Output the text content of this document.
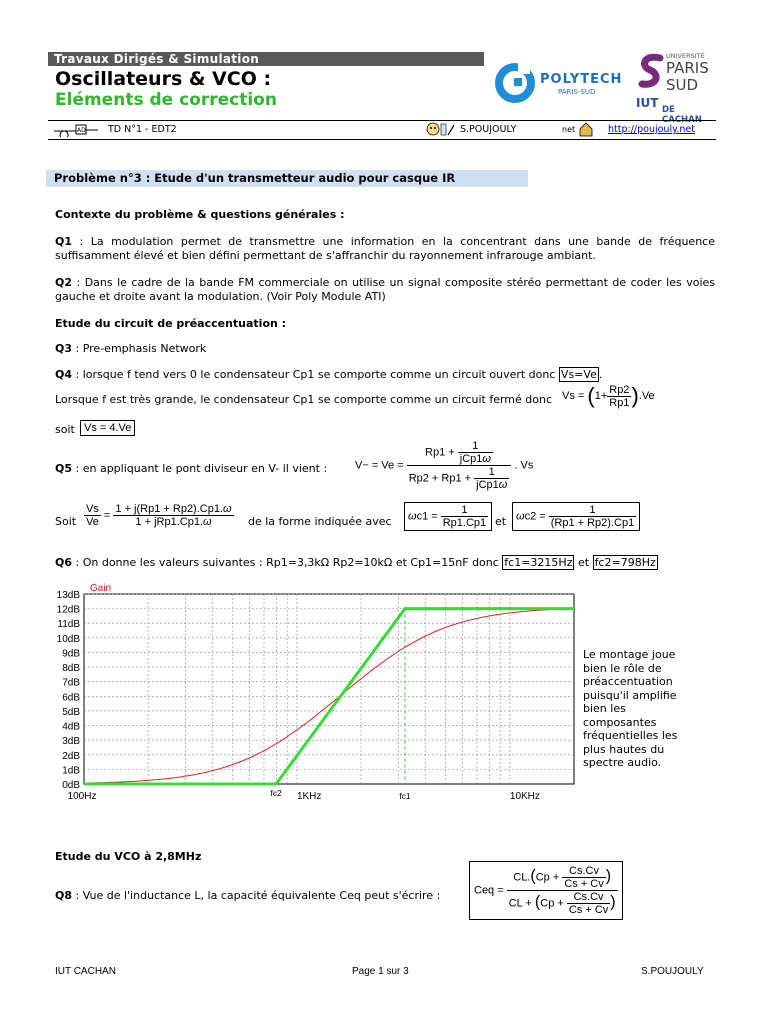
Travaux Dirigés & Simulation
Oscillateurs & VCO :
Eléments de correction
POLYTECH
PARIS-SUD
UNIVERSITÉ
PARIS
SUD
IUT DE CACHAN
AD TD N°1 - EDT2	S.POUJOULY	net	http://poujouly.net
Problème n°3 : Etude d'un transmetteur audio pour casque IR
Contexte du problème & questions générales :
Q1 : La modulation permet de transmettre une information en la concentrant dans une bande de fréquence suffisamment élevé et bien défini permettant de s'affranchir du rayonnement infrarouge ambiant.
Q2 : Dans le cadre de la bande FM commerciale on utilise un signal composite stéréo permettant de coder les voies gauche et droite avant la modulation. (Voir Poly Module ATI)
Etude du circuit de préaccentuation :
Q3 : Pre-emphasis Network
Q4 : lorsque f tend vers 0 le condensateur Cp1 se comporte comme un circuit ouvert donc Vs=Ve .
Lorsque f est très grande, le condensateur Cp1 se comporte comme un circuit fermé donc $Vs = (1+ \frac{Rp2}{Rp1} ).Ve$
soit Vs = 4.Ve
Q5 : en appliquant le pont diviseur en V- il vient :	$V- = Ve = \frac{Rp1 + \frac{1}{\text{jCp1ω}}}{Rp2 + Rp1 + \frac{1}{\text{jCp1ω}}}$ . Vs
Soit $\frac{Vs}{Ve} = \frac{1 + j(Rp1 + Rp2).Cp1.\omega}{\text{1 + jRp1.Cp1.ω}}$ de la forme indiquée avec	$\omega c1 = \frac{1}{Rp1.Cp1}$ et $\omega c2 = \frac{1}{(Rp1 + Rp2).Cp1}$
Q6 : On donne les valeurs suivantes : Rp1=3,3kΩ Rp2=10kΩ et Cp1=15nF donc fc1=3215Hz et fc2=798Hz
0dB
1dB
2dB
3dB
4dB
5dB
6dB
7dB
8dB
9dB
10dB
11dB
12dB
13dB
Gain
100Hz	1KHz	10KHz
fc2	fc1
Le montage joue bien le rôle de préaccentuation puisqu'il amplifie bien les composantes fréquentielles les plus hautes du spectre audio.
Etude du VCO à 2,8MHz
Q8 : Vue de l'inductance L, la capacité équivalente Ceq peut s'écrire :	Ceq = $\frac{CL.(Cp + \frac{Cs.Cv}{Cs + Cv} )}{CL + (Cp + \frac{Cs.Cv}{Cs + Cv} )}$
IUT CACHAN	Page 1 sur 3	S.POUJOULY
